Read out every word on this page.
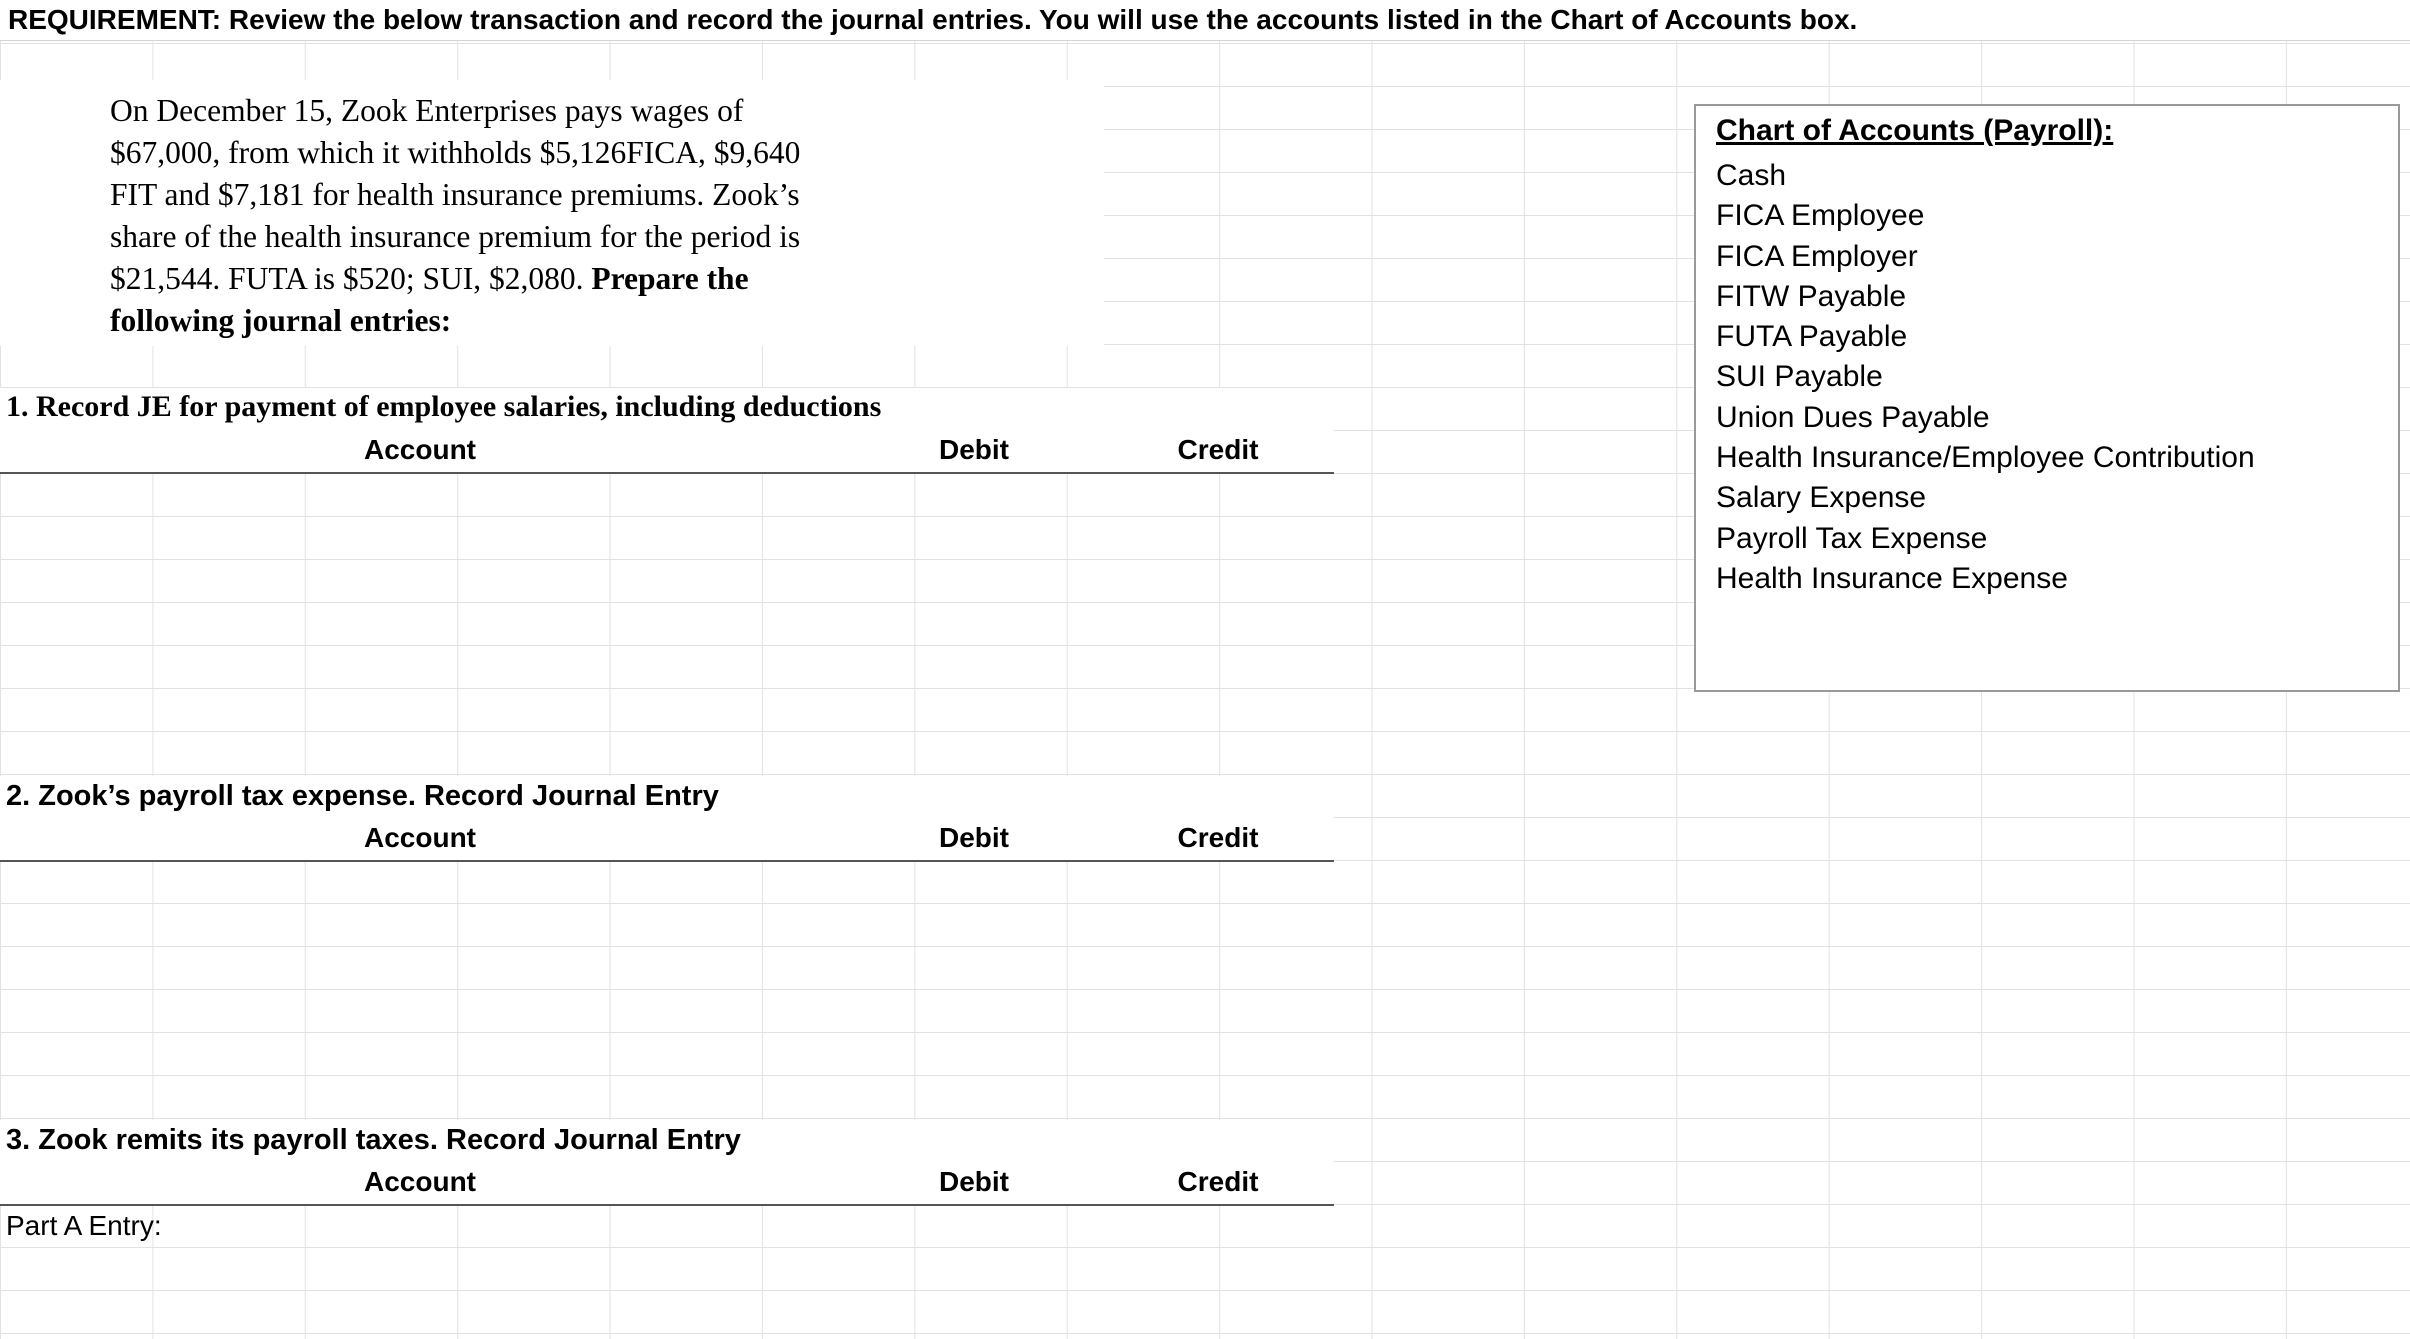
REQUIREMENT: Review the below transaction and record the journal entries. You will use the accounts listed in the Chart of Accounts box.
On December 15, Zook Enterprises pays wages of $67,000, from which it withholds $5,126FICA, $9,640 FIT and $7,181 for health insurance premiums. Zook’s share of the health insurance premium for the period is $21,544. FUTA is $520; SUI, $2,080. Prepare the following journal entries:
1. Record JE for payment of employee salaries, including deductions
Account	Debit	Credit
2. Zook’s payroll tax expense. Record Journal Entry
Account	Debit	Credit
3. Zook remits its payroll taxes. Record Journal Entry
Account	Debit	Credit
Part A Entry:
Chart of Accounts (Payroll):
Cash
FICA Employee
FICA Employer
FITW Payable
FUTA Payable
SUI Payable
Union Dues Payable
Health Insurance/Employee Contribution
Salary Expense
Payroll Tax Expense
Health Insurance Expense
